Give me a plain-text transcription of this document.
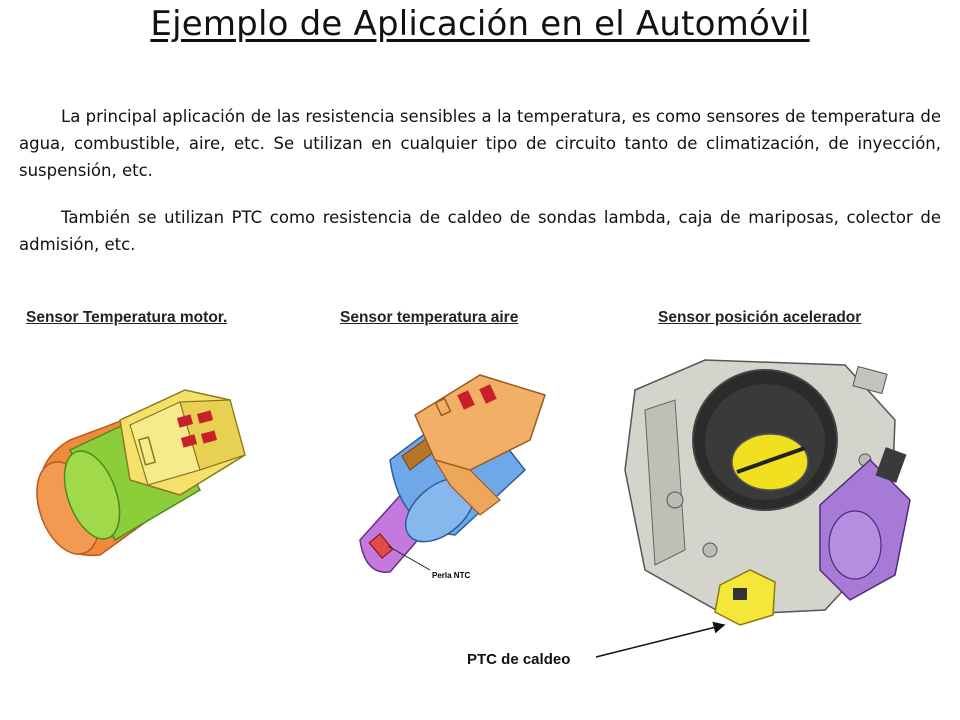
Ejemplo de Aplicación en el Automóvil

La principal aplicación de las resistencia sensibles a la temperatura, es como sensores de temperatura de agua, combustible, aire, etc. Se utilizan en cualquier tipo de circuito tanto de climatización, de inyección, suspensión, etc.

También se utilizan PTC como resistencia de caldeo de sondas lambda, caja de mariposas, colector de admisión, etc.

Sensor Temperatura motor.	Sensor temperatura aire	Sensor posición acelerador
Perla NTC
PTC de caldeo
